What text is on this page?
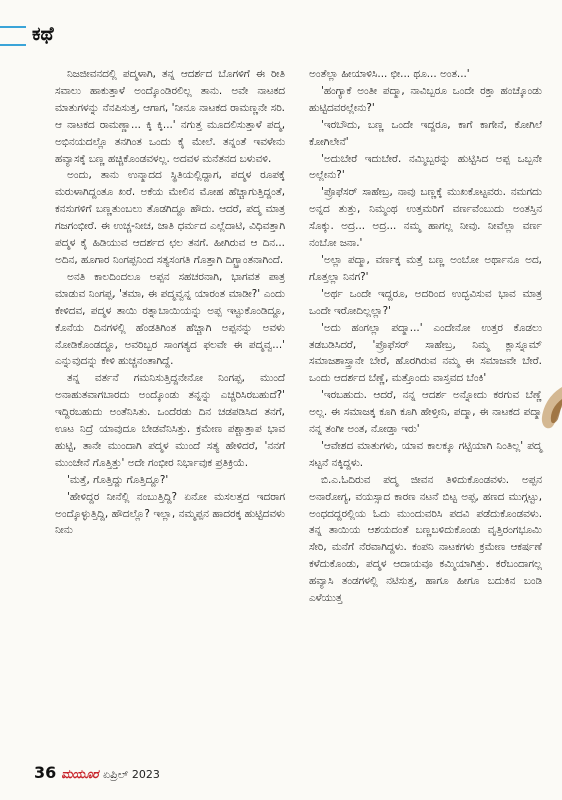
ಕಥೆ

ನಿಜಜೀವನದಲ್ಲಿ ಪದ್ಮಳಾಗಿ, ತನ್ನ ಆದರ್ಶದ ಬೊಗಳಿಗೆ ಈ ರೀತಿ ಸವಾಲು ಹಾಕುತ್ತಾಳೆ ಅಂದ್ಕೊಂಡಿರಲಿಲ್ಲ ತಾನು. ಅವೇ ನಾಟಕದ ಮಾತುಗಳನ್ನು ನೆನಪಿಸುತ್ತ, ಆಗಾಗ, 'ನೀನೂ ನಾಟಕದ ರಾಮಣ್ಣನೇ ಸರಿ. ಆ ನಾಟಕದ ರಾಮಣ್ಣಾ... ಕ್ಕಿ ಕ್ಕಿ...' ನಗುತ್ತ ಮೂದಲಿಸುತ್ತಾಳೆ ಪದ್ಮ, ಅಭಿನಯದಲ್ಲೊ ತನಗಿಂತ ಒಂದು ಕೈ ಮೇಲೆ. ತನ್ನಂತೆ ಇವಳೇನು ಹವ್ಯಾಸಕ್ಕೆ ಬಣ್ಣ ಹಚ್ಚಿಕೊಂಡವಳಲ್ಲ. ಅದವಳ ಮನೆತನದ ಬಳುವಳಿ.

ಅಂದು, ತಾನು ಉನ್ಮಾದದ ಸ್ಥಿತಿಯಲ್ಲಿದ್ದಾಗ, ಪದ್ಮಳ ರೂಪಕ್ಕೆ ಮರುಳಾಗಿದ್ದಂತೂ ಖರೆ. ಅಕೆಯ ಮೇಲಿನ ಮೋಹ ಹೆಚ್ಚಾಗುತ್ತಿದ್ದಂತೆ, ಕನಸುಗಳಿಗೆ ಬಣ್ಣತುಂಬಲು ತೊಡಗಿದ್ದೂ ಹೌದು. ಆದರೆ, ಪದ್ಮ ಮಾತ್ರ ಗಜಗಂಭೀರೆ. ಈ ಉಚ್ಚ-ನೀಚ, ಜಾತಿ ಧರ್ಮದ ಎಲ್ಲೆದಾಟಿ, ವಿಧಿವತ್ತಾಗಿ ಪದ್ಮಳ ಕೈ ಹಿಡಿಯುವ ಆದರ್ಶದ ಛಲ ತನಗೆ. ಹೀಗಿರುವ ಆ ದಿನ... ಅದಿನ, ಹೂಗಾರ ನಿಂಗಪ್ಪನಿಂದ ಸತ್ಯಸಂಗತಿ ಗೊತ್ತಾಗಿ ದಿಗ್ಭ್ರಾಂತನಾಗಿಂದೆ.

ಅನತಿ ಕಾಲದಿಂದಲೂ ಅಪ್ಪನ ಸಹಚರನಾಗಿ, ಭಾಗವತ ಪಾತ್ರ ಮಾಡುವ ನಿಂಗಪ್ಪ, 'ತಮಾ, ಈ ಪದ್ಮವ್ವನ್ನ ಯಾರಂತ ಮಾಡೀ?' ಎಂದು ಕೇಳಿದವ, ಪದ್ಮಳ ತಾಯಿ ರತ್ನಾಬಾಯಿಯನ್ನು ಅಪ್ಪ ಇಟ್ಟುಕೊಂಡಿದ್ದೂ, ಕೊನೆಯ ದಿನಗಳಲ್ಲಿ ಹೆಂಡತಿಗಿಂತ ಹೆಚ್ಚಾಗಿ ಅಪ್ಪನನ್ನು ಅವಳು ನೋಡಿಕೊಂಡದ್ದೂ, ಅವರಿಬ್ಬರ ಸಾಂಗತ್ಯದ ಫಲವೇ ಈ ಪದ್ಮವ್ವ...' ಎನ್ನುವುದನ್ನು ಕೇಳಿ ಹುಚ್ಚನಂತಾಗಿದ್ದೆ.

ತನ್ನ ವರ್ತನೆ ಗಮನಿಸುತ್ತಿದ್ದನೇನೋ ನಿಂಗಪ್ಪ, ಮುಂದೆ ಅನಾಹುತವಾಗಬಾರದು ಅಂದ್ಕೊಂಡು ತನ್ನನ್ನು ಎಚ್ಚರಿಸಿರಬಹುದೆ?' ಇದ್ದಿರಬಹುದು ಅಂತೆನಿಸಿತು. ಒಂದೆರಡು ದಿನ ಚಡಪಡಿಸಿದ ತನಗೆ, ಊಟ ನಿದ್ರೆ ಯಾವುದೂ ಬೇಡವೆನಿಸಿತ್ತು. ಕ್ರಮೇಣ ಪಶ್ಚಾತ್ತಾಪ ಭಾವ ಹುಟ್ಟಿ, ತಾನೇ ಮುಂದಾಗಿ ಪದ್ಮಳ ಮುಂದೆ ಸತ್ಯ ಹೇಳಿದರೆ, 'ನನಗೆ ಮುಂಚೇನೆ ಗೊತ್ತಿತ್ತು' ಅದೇ ಗಂಭೀರ ನಿರ್ಭಾವುಕ ಪ್ರತಿಕ್ರಿಯೆ.

'ಮತ್ತೆ, ಗೊತ್ತಿದ್ದು ಗೊತ್ತಿದ್ದೂ?'

'ಹೇಳಿದ್ದರ ನೀನೆಲ್ಲಿ ನಂಬುತ್ತಿದ್ದಿ? ಏನೋ ಮಸಲತ್ತದ ಇದರಾಗ ಅಂದ್ಕೊಳ್ಳುತ್ತಿದ್ದಿ, ಹೌದಲ್ಲೊ? ಇಲ್ಲಾ, ನಮ್ಮಪ್ಪನ ಹಾದರಕ್ಕ ಹುಟ್ಟಿದವಳು ನೀನು

ಅಂತೆಲ್ಲಾ ಹೀಯಾಳಿಸಿ... ಛೀ... ಥೂ... ಅಂತ...'

'ಹಂಗ್ಯಾಕೆ ಅಂತೀ ಪದ್ಮಾ, ನಾವಿಬ್ಬರೂ ಒಂದೇ ರಕ್ತಾ ಹಂಚ್ಕೊಂಡು ಹುಟ್ಟಿದವರಲ್ಲೇನು?'

'ಇರಬೌದು, ಬಣ್ಣ ಒಂದೇ ಇದ್ದರೂ, ಕಾಗೆ ಕಾಗೇನೆ, ಕೋಗಿಲೆ ಕೋಗಿಲೇನೆ'

'ಅದುಬೇರೆ ಇದುಬೇರೆ. ನಮ್ಮಿಬ್ಬರನ್ನು ಹುಟ್ಟಿಸಿದ ಅಪ್ಪ ಒಬ್ಬನೇ ಅಲ್ಲೇನು?'

'ಪ್ರೊಫೆಸರ್ ಸಾಹೇಬ್ರ, ನಾವು ಬಣ್ಣಕ್ಕೆ ಮುಖಕೊಟ್ಟವರು. ನಮಗದು ಅನ್ನದ ತುತ್ತು, ನಿಮ್ಮಂಥ ಉತ್ತಮರಿಗೆ ವರ್ಣವೆಂಬುದು ಅಂತಸ್ತಿನ ಸೊಕ್ಕು. ಅದ್ರ... ಅದ್ರ... ನಮ್ಮ ಹಾಗಲ್ಲ ನೀವು. ನೀವೆಲ್ಲಾ ವರ್ಣ ನಂಬೋ ಜನಾ.'

'ಅಲ್ಲಾ ಪದ್ಮಾ, ವರ್ಣಕ್ಕ ಮತ್ತೆ ಬಣ್ಣ ಅಂಬೋ ಅರ್ಥಾನೂ ಅದ, ಗೊತ್ತಲ್ಲಾ ನಿನಗ?'

'ಅರ್ಥ ಒಂದೇ ಇದ್ದರೂ, ಅದರಿಂದ ಉದ್ಭವಿಸುವ ಭಾವ ಮಾತ್ರ ಒಂದೇ ಇರೋದಿಲ್ಲಲ್ಲಾ?'

'ಅದು ಹಂಗಲ್ಲಾ ಪದ್ಮಾ...' ಎಂದೇನೋ ಉತ್ತರ ಕೊಡಲು ತಡಬಡಿಸಿದರೆ, 'ಪ್ರೊಫೆಸರ್ ಸಾಹೇಬ್ರ, ನಿಮ್ಮ ಕ್ಲಾಸ್ನೂಮ್ ಸಮಾಜಶಾಸ್ತ್ರಾನೇ ಬೇರೆ, ಹೊರಗಿರುವ ನಮ್ಮ ಈ ಸಮಾಜವೇ ಬೇರೆ. ಒಂದು ಆದರ್ಶದ ಬೆಣ್ಣೆ, ಮತ್ತೊಂದು ವಾಸ್ತವದ ಬೆಂಕಿ'

'ಇರಬಹುದು. ಆದರೆ, ನನ್ನ ಆದರ್ಶ ಅನ್ನೋದು ಕರಗುವ ಬೆಣ್ಣೆ ಅಲ್ಲ. ಈ ಸಮಾಜಕ್ಕ ಕೂಗಿ ಕೂಗಿ ಹೇಳ್ತೀನಿ, ಪದ್ಮಾ, ಈ ನಾಟಕದ ಪದ್ಮಾ ನನ್ನ ತಂಗೀ ಅಂತ, ನೋಡ್ತಾ ಇರು'

'ಆವೇಶದ ಮಾತುಗಳು, ಯಾವ ಕಾಲಕ್ಕೂ ಗಟ್ಟಿಯಾಗಿ ನಿಂತಿಲ್ಲ' ಪದ್ಮ ಸಟ್ಟನೆ ನಕ್ಕಿದ್ದಳು.

ಬಿ.ಎ.ಓದಿರುವ ಪದ್ಮ ಜೀವನ ತಿಳಿದುಕೊಂಡವಳು. ಅಪ್ಪನ ಅನಾರೋಗ್ಯ, ವಯಸ್ಸಾದ ಕಾರಣ ನಟನೆ ಬಿಟ್ಟ ಅಪ್ಪ, ಹಣದ ಮುಗ್ಗಟ್ಟು, ಅಂಧದದ್ದರಲ್ಲಿಯ ಓದು ಮುಂದುವರಿಸಿ ಪದವಿ ಪಡೆದುಕೊಂಡವಳು. ತನ್ನ ತಾಯಿಯ ಆಶಯದಂತೆ ಬಣ್ಣಬಳಿದುಕೊಂಡು ವೃತ್ತಿರಂಗಭೂಮಿ ಸೇರಿ, ಮನೆಗೆ ನೆರವಾಗಿದ್ದಳು. ಕಂಪನಿ ನಾಟಕಗಳು ಕ್ರಮೇಣ ಆಕರ್ಷಣೆ ಕಳೆದುಕೊಂಡು, ಪದ್ಮಳ ಆದಾಯವೂ ಕಮ್ಮಿಯಾಗಿತ್ತು. ಕರೆಬಂದಾಗಲ್ಲ ಹವ್ಯಾಸಿ ತಂಡಗಳಲ್ಲಿ ನಟಿಸುತ್ತ, ಹಾಗೂ ಹೀಗೂ ಬದುಕಿನ ಬಂಡಿ ಎಳೆಯುತ್ತ

36 ಮಯೂರ ಏಪ್ರಿಲ್ 2023
